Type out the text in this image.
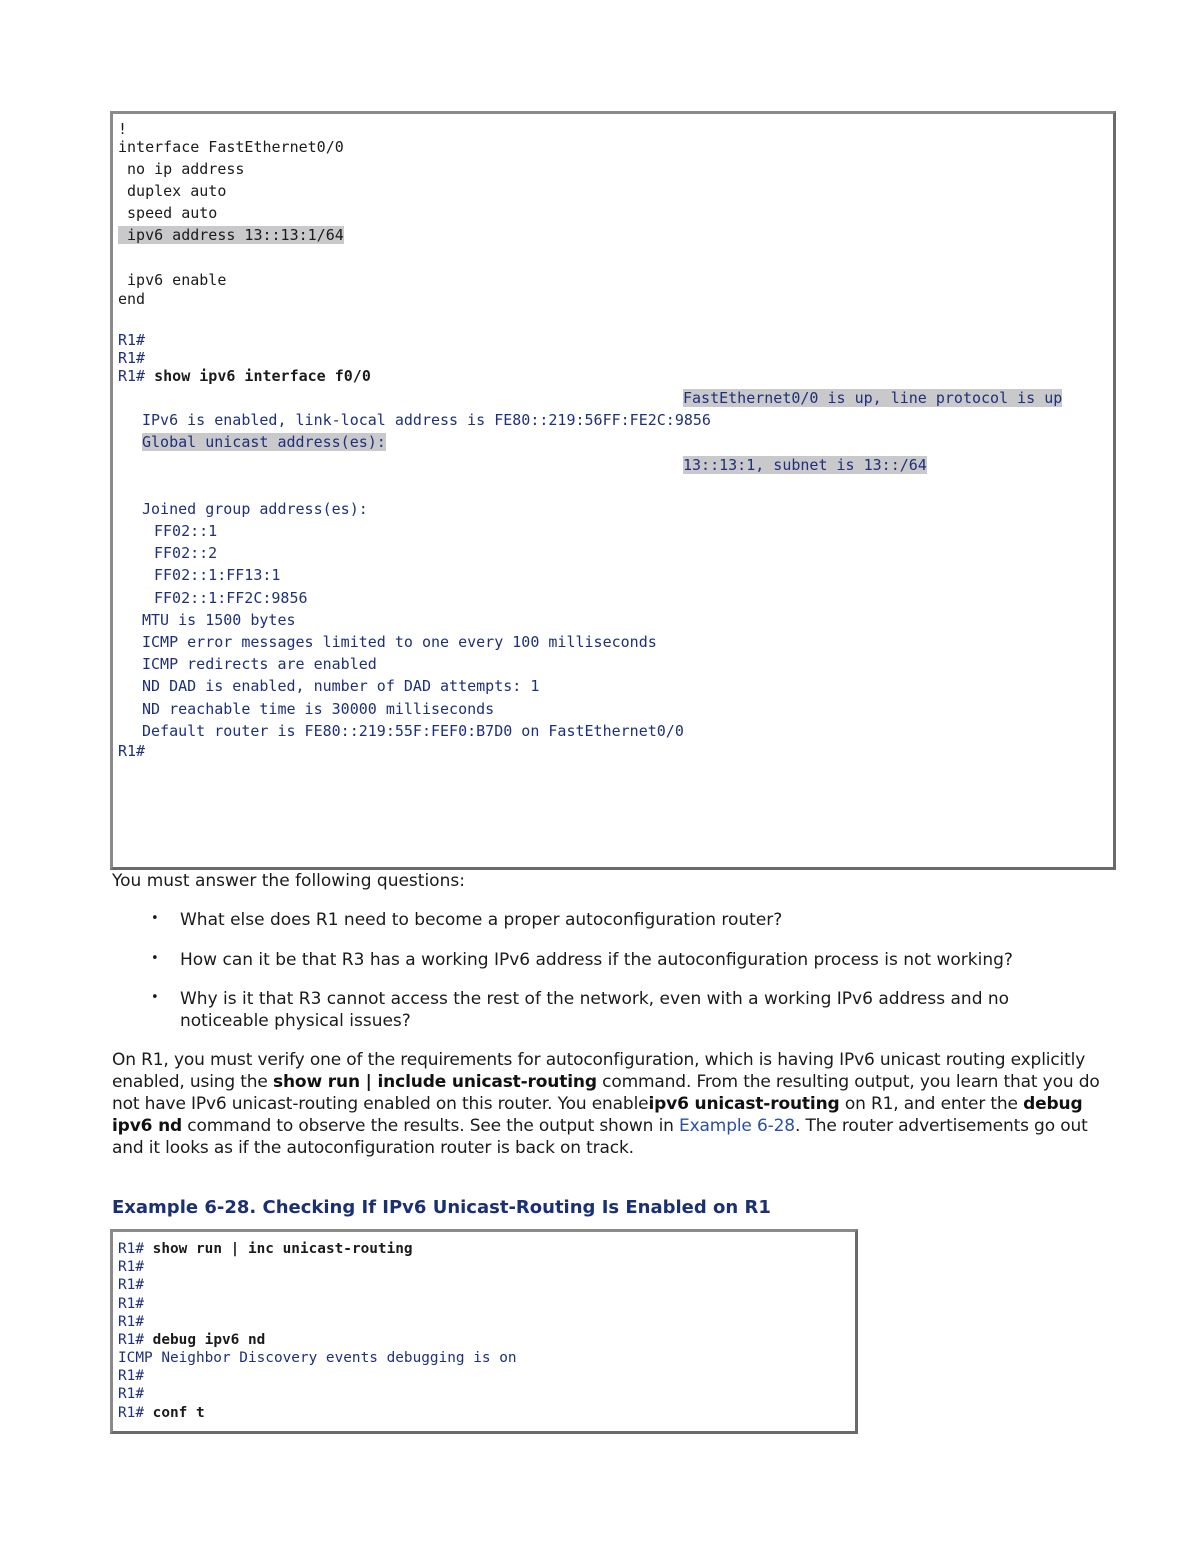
!
interface FastEthernet0/0
no ip address
duplex auto
speed auto
ipv6 address 13::13:1/64
ipv6 enable
end
R1#
R1#
R1# show ipv6 interface f0/0
FastEthernet0/0 is up, line protocol is up
IPv6 is enabled, link-local address is FE80::219:56FF:FE2C:9856
Global unicast address(es):
13::13:1, subnet is 13::/64
Joined group address(es):
FF02::1
FF02::2
FF02::1:FF13:1
FF02::1:FF2C:9856
MTU is 1500 bytes
ICMP error messages limited to one every 100 milliseconds
ICMP redirects are enabled
ND DAD is enabled, number of DAD attempts: 1
ND reachable time is 30000 milliseconds
Default router is FE80::219:55F:FEF0:B7D0 on FastEthernet0/0
R1#
You must answer the following questions:
• What else does R1 need to become a proper autoconfiguration router?
• How can it be that R3 has a working IPv6 address if the autoconfiguration process is not working?
• Why is it that R3 cannot access the rest of the network, even with a working IPv6 address and no noticeable physical issues?
On R1, you must verify one of the requirements for autoconfiguration, which is having IPv6 unicast routing explicitly enabled, using the show run | include unicast-routing command. From the resulting output, you learn that you do not have IPv6 unicast-routing enabled on this router. You enableipv6 unicast-routing on R1, and enter the debug ipv6 nd command to observe the results. See the output shown in Example 6-28. The router advertisements go out and it looks as if the autoconfiguration router is back on track.
Example 6-28. Checking If IPv6 Unicast-Routing Is Enabled on R1
R1# show run | inc unicast-routing
R1#
R1#
R1#
R1#
R1# debug ipv6 nd
ICMP Neighbor Discovery events debugging is on
R1#
R1#
R1# conf t
